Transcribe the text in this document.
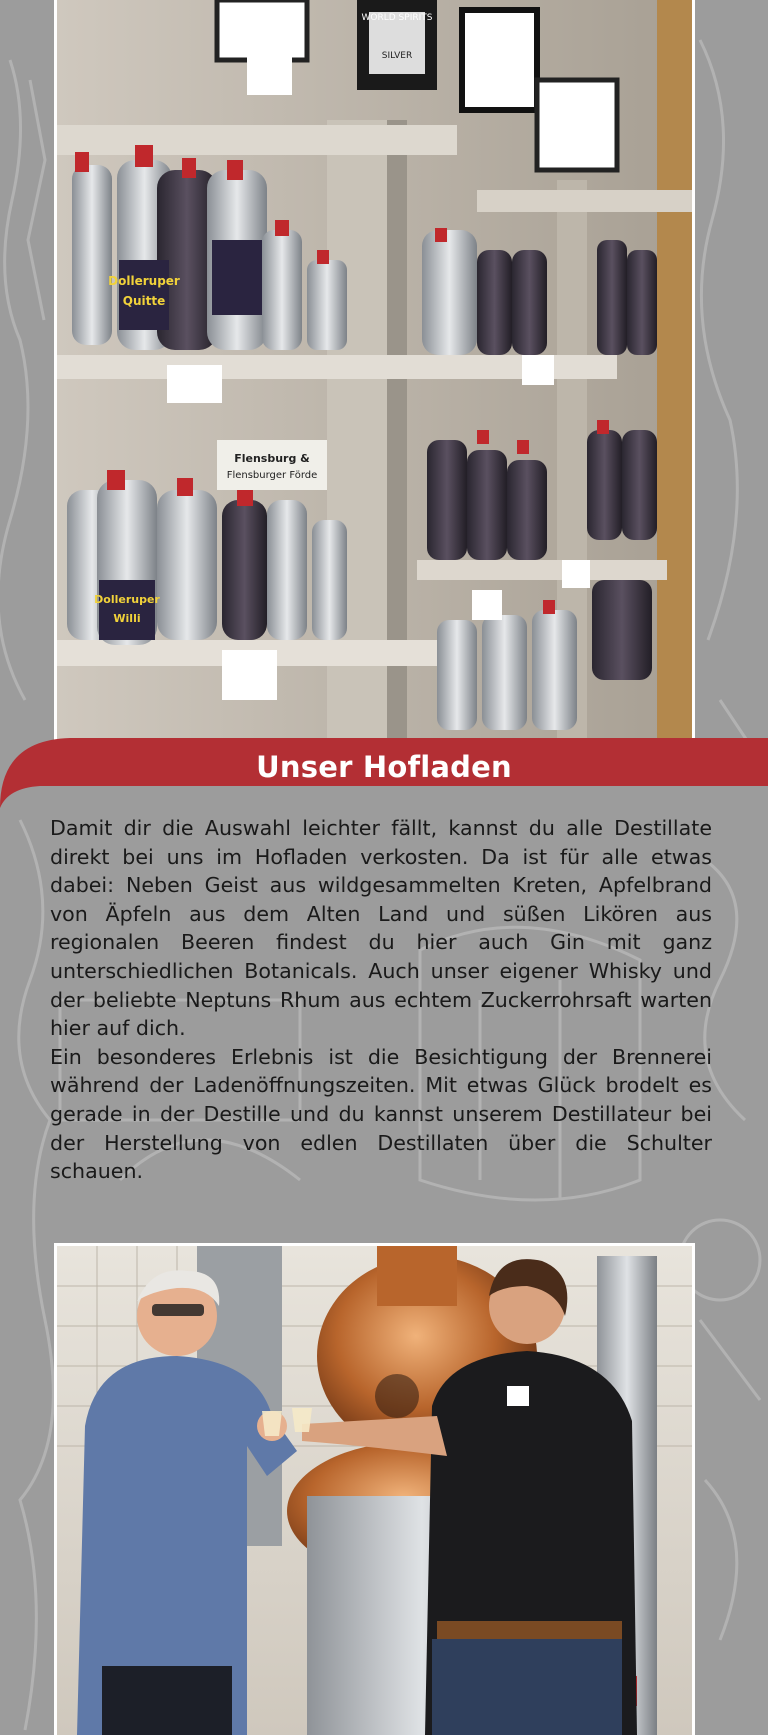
WORLD SPIRITS
SILVER
Dolleruper
Quitte
Dolleruper
Willi
Flensburg &
Flensburger Förde
Unser Hofladen

Damit dir die Auswahl leichter fällt, kannst du alle Destillate direkt bei uns im Hofladen verkosten. Da ist für alle etwas dabei: Neben Geist aus wildgesammelten Kreten, Apfelbrand von Äpfeln aus dem Alten Land und süßen Likören aus regionalen Beeren findest du hier auch Gin mit ganz unterschiedlichen Botanicals. Auch unser eigener Whisky und der beliebte Neptuns Rhum aus echtem Zuckerrohrsaft warten hier auf dich.

Ein besonderes Erlebnis ist die Besichtigung der Brennerei während der Ladenöffnungszeiten. Mit etwas Glück brodelt es gerade in der Destille und du kannst unserem Destillateur bei der Herstellung von edlen Destillaten über die Schulter schauen.
